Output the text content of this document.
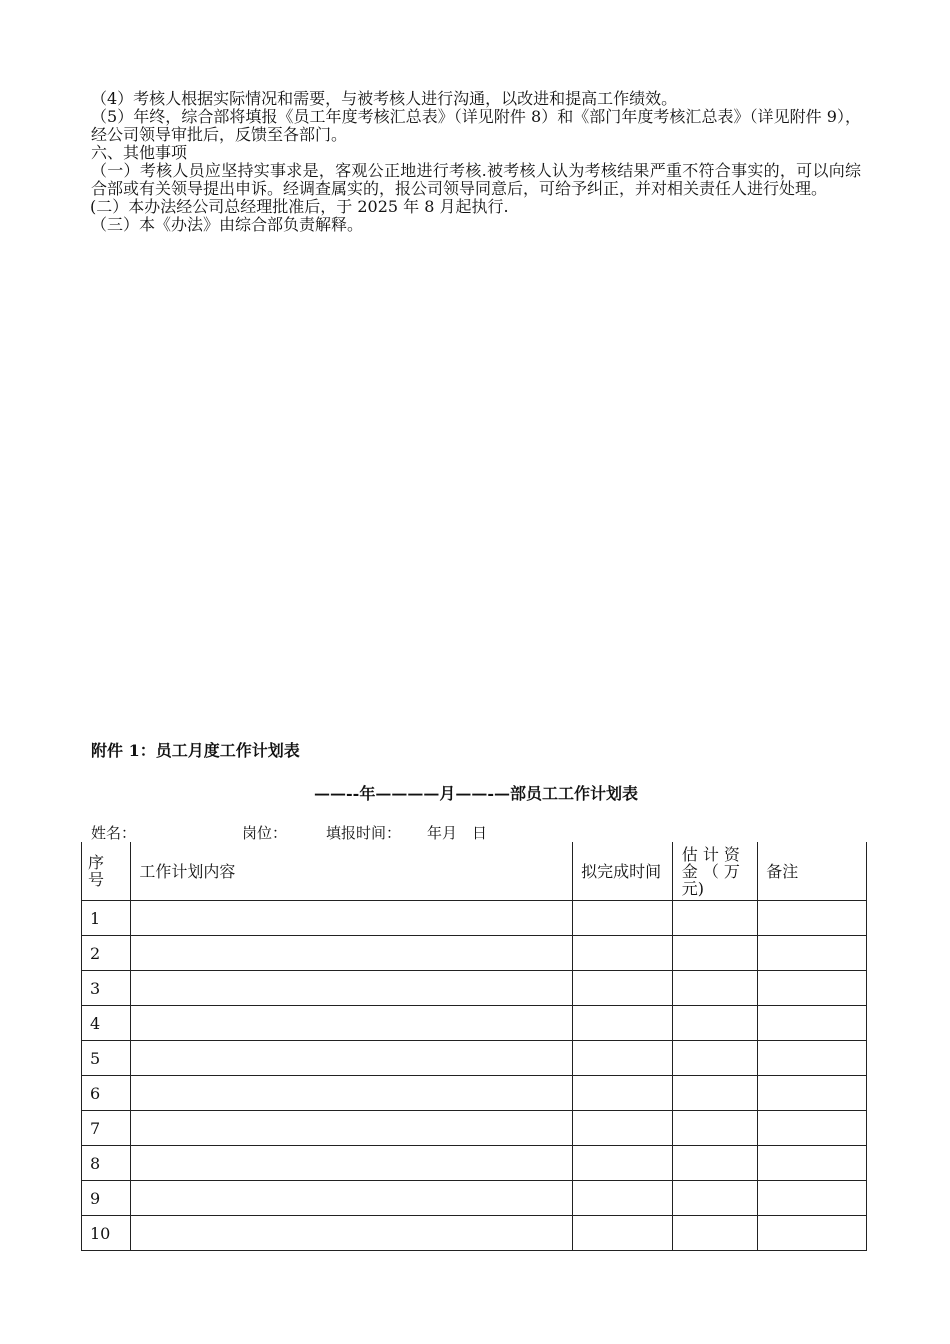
（4）考核人根据实际情况和需要，与被考核人进行沟通，以改进和提高工作绩效。

（5）年终，综合部将填报《员工年度考核汇总表》（详见附件 8）和《部门年度考核汇总表》（详见附件 9），经公司领导审批后，反馈至各部门。

六、其他事项

（一）考核人员应坚持实事求是，客观公正地进行考核.被考核人认为考核结果严重不符合事实的，可以向综合部或有关领导提出申诉。经调查属实的，报公司领导同意后，可给予纠正，并对相关责任人进行处理。

(二）本办法经公司总经理批准后，于 2025 年 8 月起执行.

（三）本《办法》由综合部负责解释。

附件 1：员工月度工作计划表
——--年————月——-—部员工工作计划表
姓名：	岗位：	填报时间： 年月　日
序号	工作计划内容	拟完成时间	估 计 资 金 （ 万 元)	备注
1				
2				
3				
4				
5				
6				
7				
8				
9				
10				
